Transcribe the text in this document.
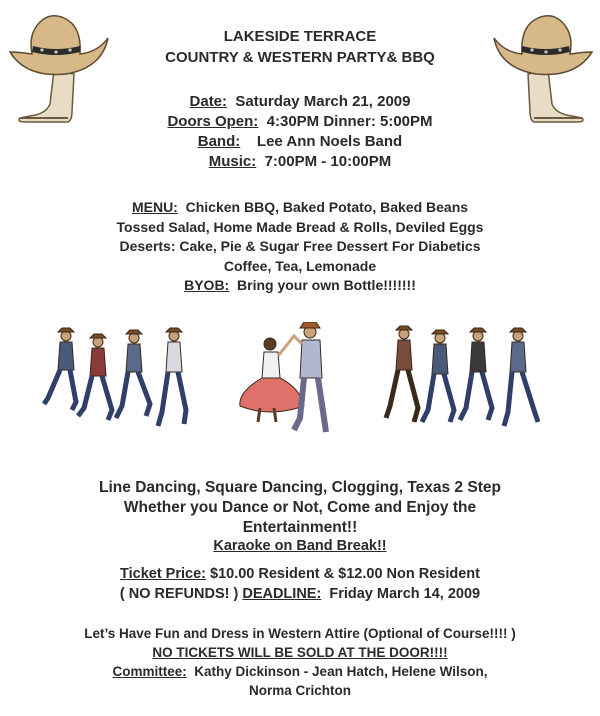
LAKESIDE TERRACE
COUNTRY & WESTERN PARTY& BBQ
Date: Saturday March 21, 2009
Doors Open: 4:30PM Dinner: 5:00PM
Band: Lee Ann Noels Band
Music: 7:00PM - 10:00PM
MENU: Chicken BBQ, Baked Potato, Baked Beans
Tossed Salad, Home Made Bread & Rolls, Deviled Eggs
Deserts: Cake, Pie & Sugar Free Dessert For Diabetics
Coffee, Tea, Lemonade
BYOB: Bring your own Bottle!!!!!!!
Line Dancing, Square Dancing, Clogging, Texas 2 Step
Whether you Dance or Not, Come and Enjoy the
Entertainment!!
Karaoke on Band Break!!
Ticket Price: $10.00 Resident & $12.00 Non Resident
( NO REFUNDS! ) DEADLINE: Friday March 14, 2009
Let’s Have Fun and Dress in Western Attire (Optional of Course!!!! )
NO TICKETS WILL BE SOLD AT THE DOOR!!!!
Committee: Kathy Dickinson - Jean Hatch, Helene Wilson,
Norma Crichton
